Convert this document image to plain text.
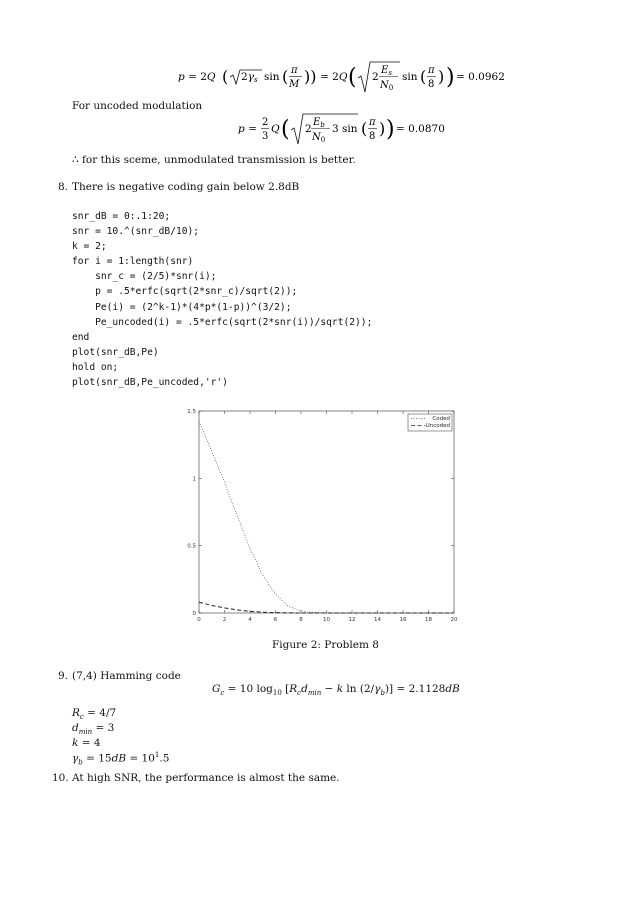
p = 2Q ( 2γs sin ( π
M )) = 2Q ( 2
$E_s$
$N_0$
sin ( π
8 ) ) = 0.0962
For uncoded modulation
p =
2
3
Q ( 2
$E_b$
$N_0$
3 sin ( π
8 ) ) = 0.0870
∴ for this sceme, unmodulated transmission is better.
8. There is negative coding gain below 2.8dB
snr_dB = 0:.1:20;
snr = 10.^(snr_dB/10);
k = 2;
for i = 1:length(snr)
snr_c = (2/5)*snr(i);
p = .5*erfc(sqrt(2*snr_c)/sqrt(2));
Pe(i) = (2^k-1)*(4*p*(1-p))^(3/2);
Pe_uncoded(i) = .5*erfc(sqrt(2*snr(i))/sqrt(2));
end
plot(snr_dB,Pe)
hold on;
plot(snr_dB,Pe_uncoded,'r')
0	2	4	6	8	10	12	14	16	18	20
0
0.5
1
1.5
Coded
Uncoded
Figure 2: Problem 8
9. (7,4) Hamming code
$G_c = 10$ $\log_{10} [R_cd_{min} - k$ $\ln (2/\gamma_b)] = 2.1128dB$
$R_c = 4/7$
$d_{min} = 3$
k = 4
$\gamma_b = 15dB = 10^1.5$
10. At high SNR, the performance is almost the same.
